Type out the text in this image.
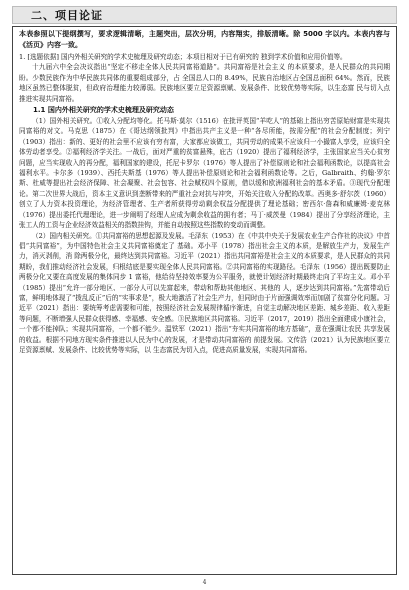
二、项目论证

本表参照以下提纲撰写，要求逻辑清晰，主题突出，层次分明，内容翔实，排版清晰。除 5000 字以内。本表内容与《活页》内容一致。

1. [选题依据] 国内外相关研究的学术史梳理及研究动态；本项目相对于已有研究的 独到学术价值和应用价值等。

十九届六中全会决议指出“坚定不移走全体人民共同富裕道路”。共同富裕是社会主义 的本质要求，是人民群众的共同期盼。少数民族作为中华民族共同体的重要组成部分，占 全国总人口的 8.49%，民族自治地区占全国总面积 64%。然而，民族地区虽然已整体脱贫，但政府治理能力较薄弱。民族地区要立足资源禀赋、发展条件、比较优势等实际，以生态富 民与切入点推进实现共同富裕。

1.1 国内外相关研究的学术史梳理及研究动态

（1）国外相关研究。①收入分配均等化。托马斯·莫尔（1516）在批评英国“羊吃人”的基础上指出穷苦原始财富是实现共同富裕的对文。马克思（1875）在《哥达纲领批判》中指出共产主义是一种“各尽所能，按需分配”的社会分配制度；列宁（1903）指出：新的、更好的社会里不应该有穷有富，大家都应该做工，共同劳动的成果不应该归一小撮富人享受，应该归全体劳动者享受。②福利经济学关注。一战后，面对严重的贫富悬殊，庇古（1920）提出了福利经济学，主张国家应当关心贫穷问题，应当实现收入的再分配，福利国家的建设，托尼卡罗尔（1976）等人提出了补偿原则论和社会福利函数论，以提高社会福利水平。卡尔多（1939）、西托夫斯基（1976）等人提出补偿原则论和社会福利函数论等。之后，Galbraith、约翰·罗尔斯、杜威等提出社会经济保障、社会凝聚、社会包容、社会赋权四个原则，借以缓和欧洲福利社会的基本矛盾。③现代分配理论。第二次世界大战后，资本主义意识到垄断带来的严重社会对抗与冲突，开始关注收入分配的改革。西奥多·舒尔茨（1960）创立了人力资本投资理论，为经济管理者、生产者所获得劳动剩余权益分配提供了理论基础；密西尔·詹森和威廉姆·麦克林（1976）提出委托代理理论，进一步阐明了经理人应成为剩余收益的拥有者；马丁·威茨曼（1984）提出了分享经济理论，主张工人的工资与企业经济效益相关的指数挂钩，并能自动按照这些指数的变动而调整。

（2）国内相关研究。①共同富裕的思想起源及发展。毛泽东（1953）在《中共中央关于发展农业生产合作社的决议》中首倡“共同富裕”，为中国特色社会主义共同富裕奠定了 基础。邓小平（1978）指出社会主义的本质，是解放生产力，发展生产力，消灭剥削，消 除两极分化，最终达到共同富裕。习近平（2021）指出共同富裕是社会主义的本质要求，是人民群众的共同期盼，我们推动经济社会发展，归根结底是要实现全体人民共同富裕。②共同富裕的实现路径。毛泽东（1956）提出既要防止两极分化又要在高度发展的集体同步 1 富裕，他给待坚持效率要为公平服务，就使计划经济时期最终走向了平均主义。邓小平（1985）提出“允许一部分地区、一部分人可以先富起来，带动和帮助其他地区、其他的 人，逐步达到共同富裕。”先富带动后富，鲜明地体现了“拨乱反正”后的“实事求是”，极大地激活了社会生产力，但同时由于片面强调效率而加剧了贫富分化问题。习近平（2021）指出：要统筹考虑需要和可能，按照经济社会发展规律循序渐进，自觉主动解决地区差距、城乡差距、收入差距等问题，不断增强人民群众获得感、幸福感、安全感。③民族地区共同富裕。习近平（2017，2019）指出全面建成小康社会，一个都不能掉队；实现共同富裕，一个都不能少。温铁军（2021）指出“夯实共同富裕的地方基础”，意在强调让农民 共享发展的收益。根据不同地方现实条件推进以人民为中心的发展，才是带动共同富裕的 前提发展。文传浩（2021）认为民族地区要立足资源禀赋、发展条件、比较优势等实际，以 生态富民为切入点，促进高质量发展，实现共同富裕。

4
